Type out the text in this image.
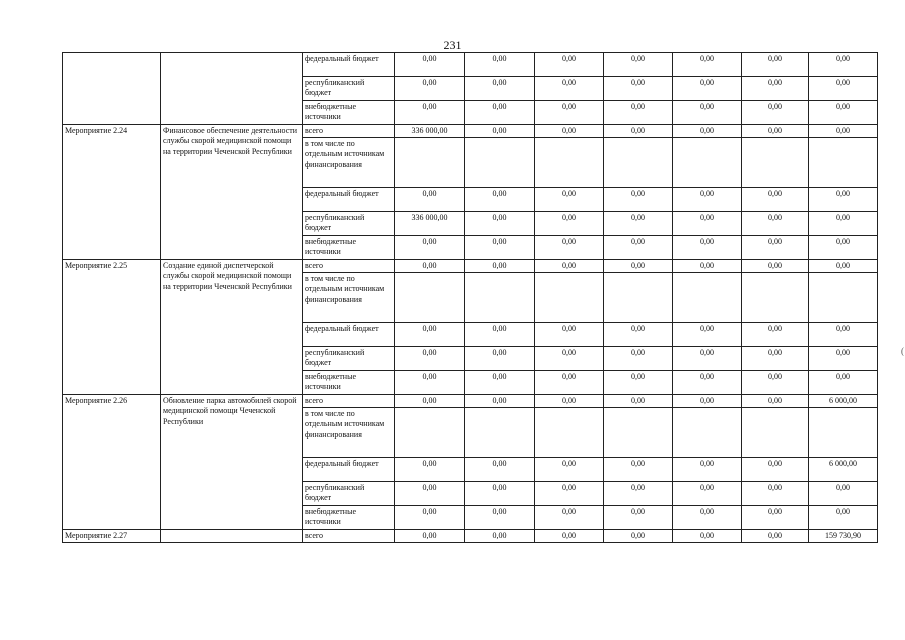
231
		федеральный бюджет	0,00	0,00	0,00	0,00	0,00	0,00	0,00
		республиканский бюджет	0,00	0,00	0,00	0,00	0,00	0,00	0,00
		внебюджетные источники	0,00	0,00	0,00	0,00	0,00	0,00	0,00
Мероприятие 2.24	Финансовое обеспечение деятельности службы скорой медицинской помощи на территории Чеченской Республики	всего	336 000,00	0,00	0,00	0,00	0,00	0,00	0,00
		в том числе по отдельным источникам финансирования							
		федеральный бюджет	0,00	0,00	0,00	0,00	0,00	0,00	0,00
		республиканский бюджет	336 000,00	0,00	0,00	0,00	0,00	0,00	0,00
		внебюджетные источники	0,00	0,00	0,00	0,00	0,00	0,00	0,00
Мероприятие 2.25	Создание единой диспетчерской службы скорой медицинской помощи на территории Чеченской Республики	всего	0,00	0,00	0,00	0,00	0,00	0,00	0,00
		в том числе по отдельным источникам финансирования							
		федеральный бюджет	0,00	0,00	0,00	0,00	0,00	0,00	0,00
		республиканский бюджет	0,00	0,00	0,00	0,00	0,00	0,00	0,00
		внебюджетные источники	0,00	0,00	0,00	0,00	0,00	0,00	0,00
Мероприятие 2.26	Обновление парка автомобилей скорой медицинской помощи Чеченской Республики	всего	0,00	0,00	0,00	0,00	0,00	0,00	6 000,00
		в том числе по отдельным источникам финансирования							
		федеральный бюджет	0,00	0,00	0,00	0,00	0,00	0,00	6 000,00
		республиканский бюджет	0,00	0,00	0,00	0,00	0,00	0,00	0,00
		внебюджетные источники	0,00	0,00	0,00	0,00	0,00	0,00	0,00
Мероприятие 2.27		всего	0,00	0,00	0,00	0,00	0,00	0,00	159 730,90
(
